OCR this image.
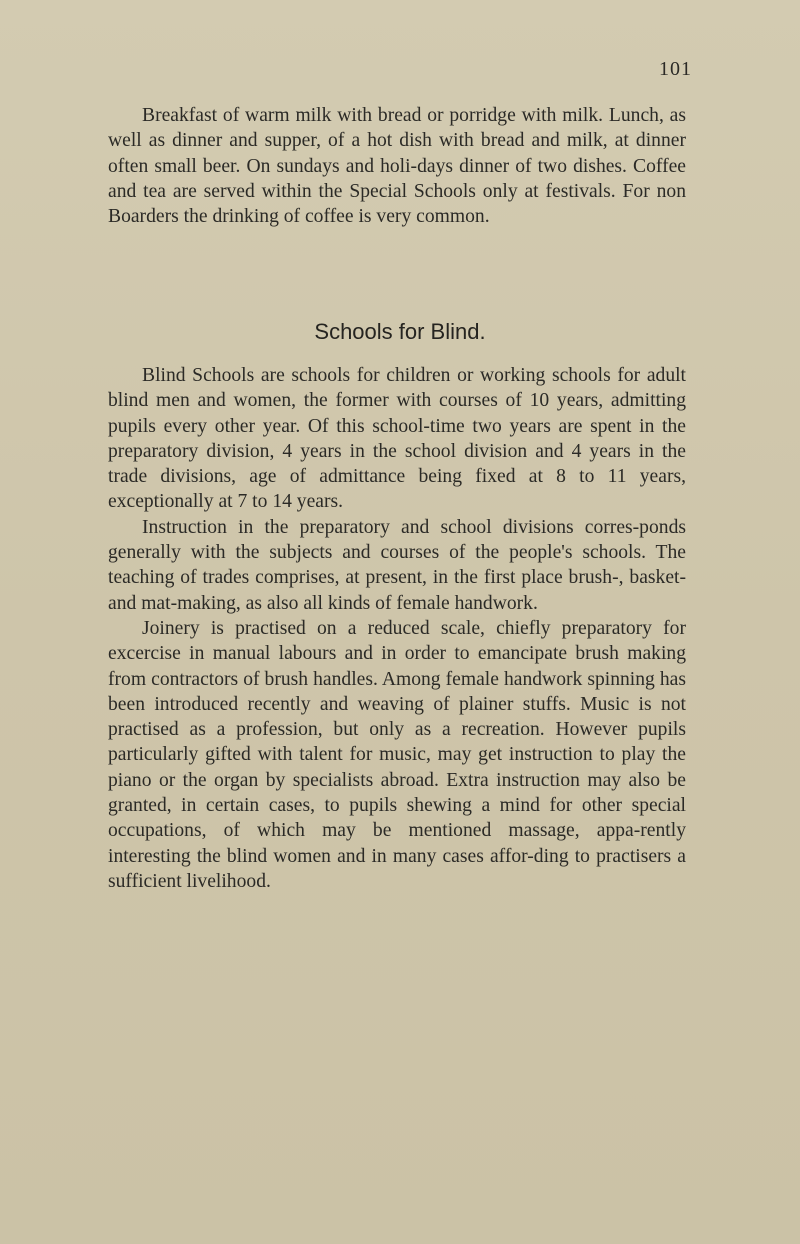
101

Breakfast of warm milk with bread or porridge with milk. Lunch, as well as dinner and supper, of a hot dish with bread and milk, at dinner often small beer. On sundays and holi-days dinner of two dishes. Coffee and tea are served within the Special Schools only at festivals. For non Boarders the drinking of coffee is very common.

Schools for Blind.

Blind Schools are schools for children or working schools for adult blind men and women, the former with courses of 10 years, admitting pupils every other year. Of this school-time two years are spent in the preparatory division, 4 years in the school division and 4 years in the trade divisions, age of admittance being fixed at 8 to 11 years, exceptionally at 7 to 14 years.

Instruction in the preparatory and school divisions corres-ponds generally with the subjects and courses of the people's schools. The teaching of trades comprises, at present, in the first place brush-, basket- and mat-making, as also all kinds of female handwork.

Joinery is practised on a reduced scale, chiefly preparatory for excercise in manual labours and in order to emancipate brush making from contractors of brush handles. Among female handwork spinning has been introduced recently and weaving of plainer stuffs. Music is not practised as a profession, but only as a recreation. However pupils particularly gifted with talent for music, may get instruction to play the piano or the organ by specialists abroad. Extra instruction may also be granted, in certain cases, to pupils shewing a mind for other special occupations, of which may be mentioned massage, appa-rently interesting the blind women and in many cases affor-ding to practisers a sufficient livelihood.
